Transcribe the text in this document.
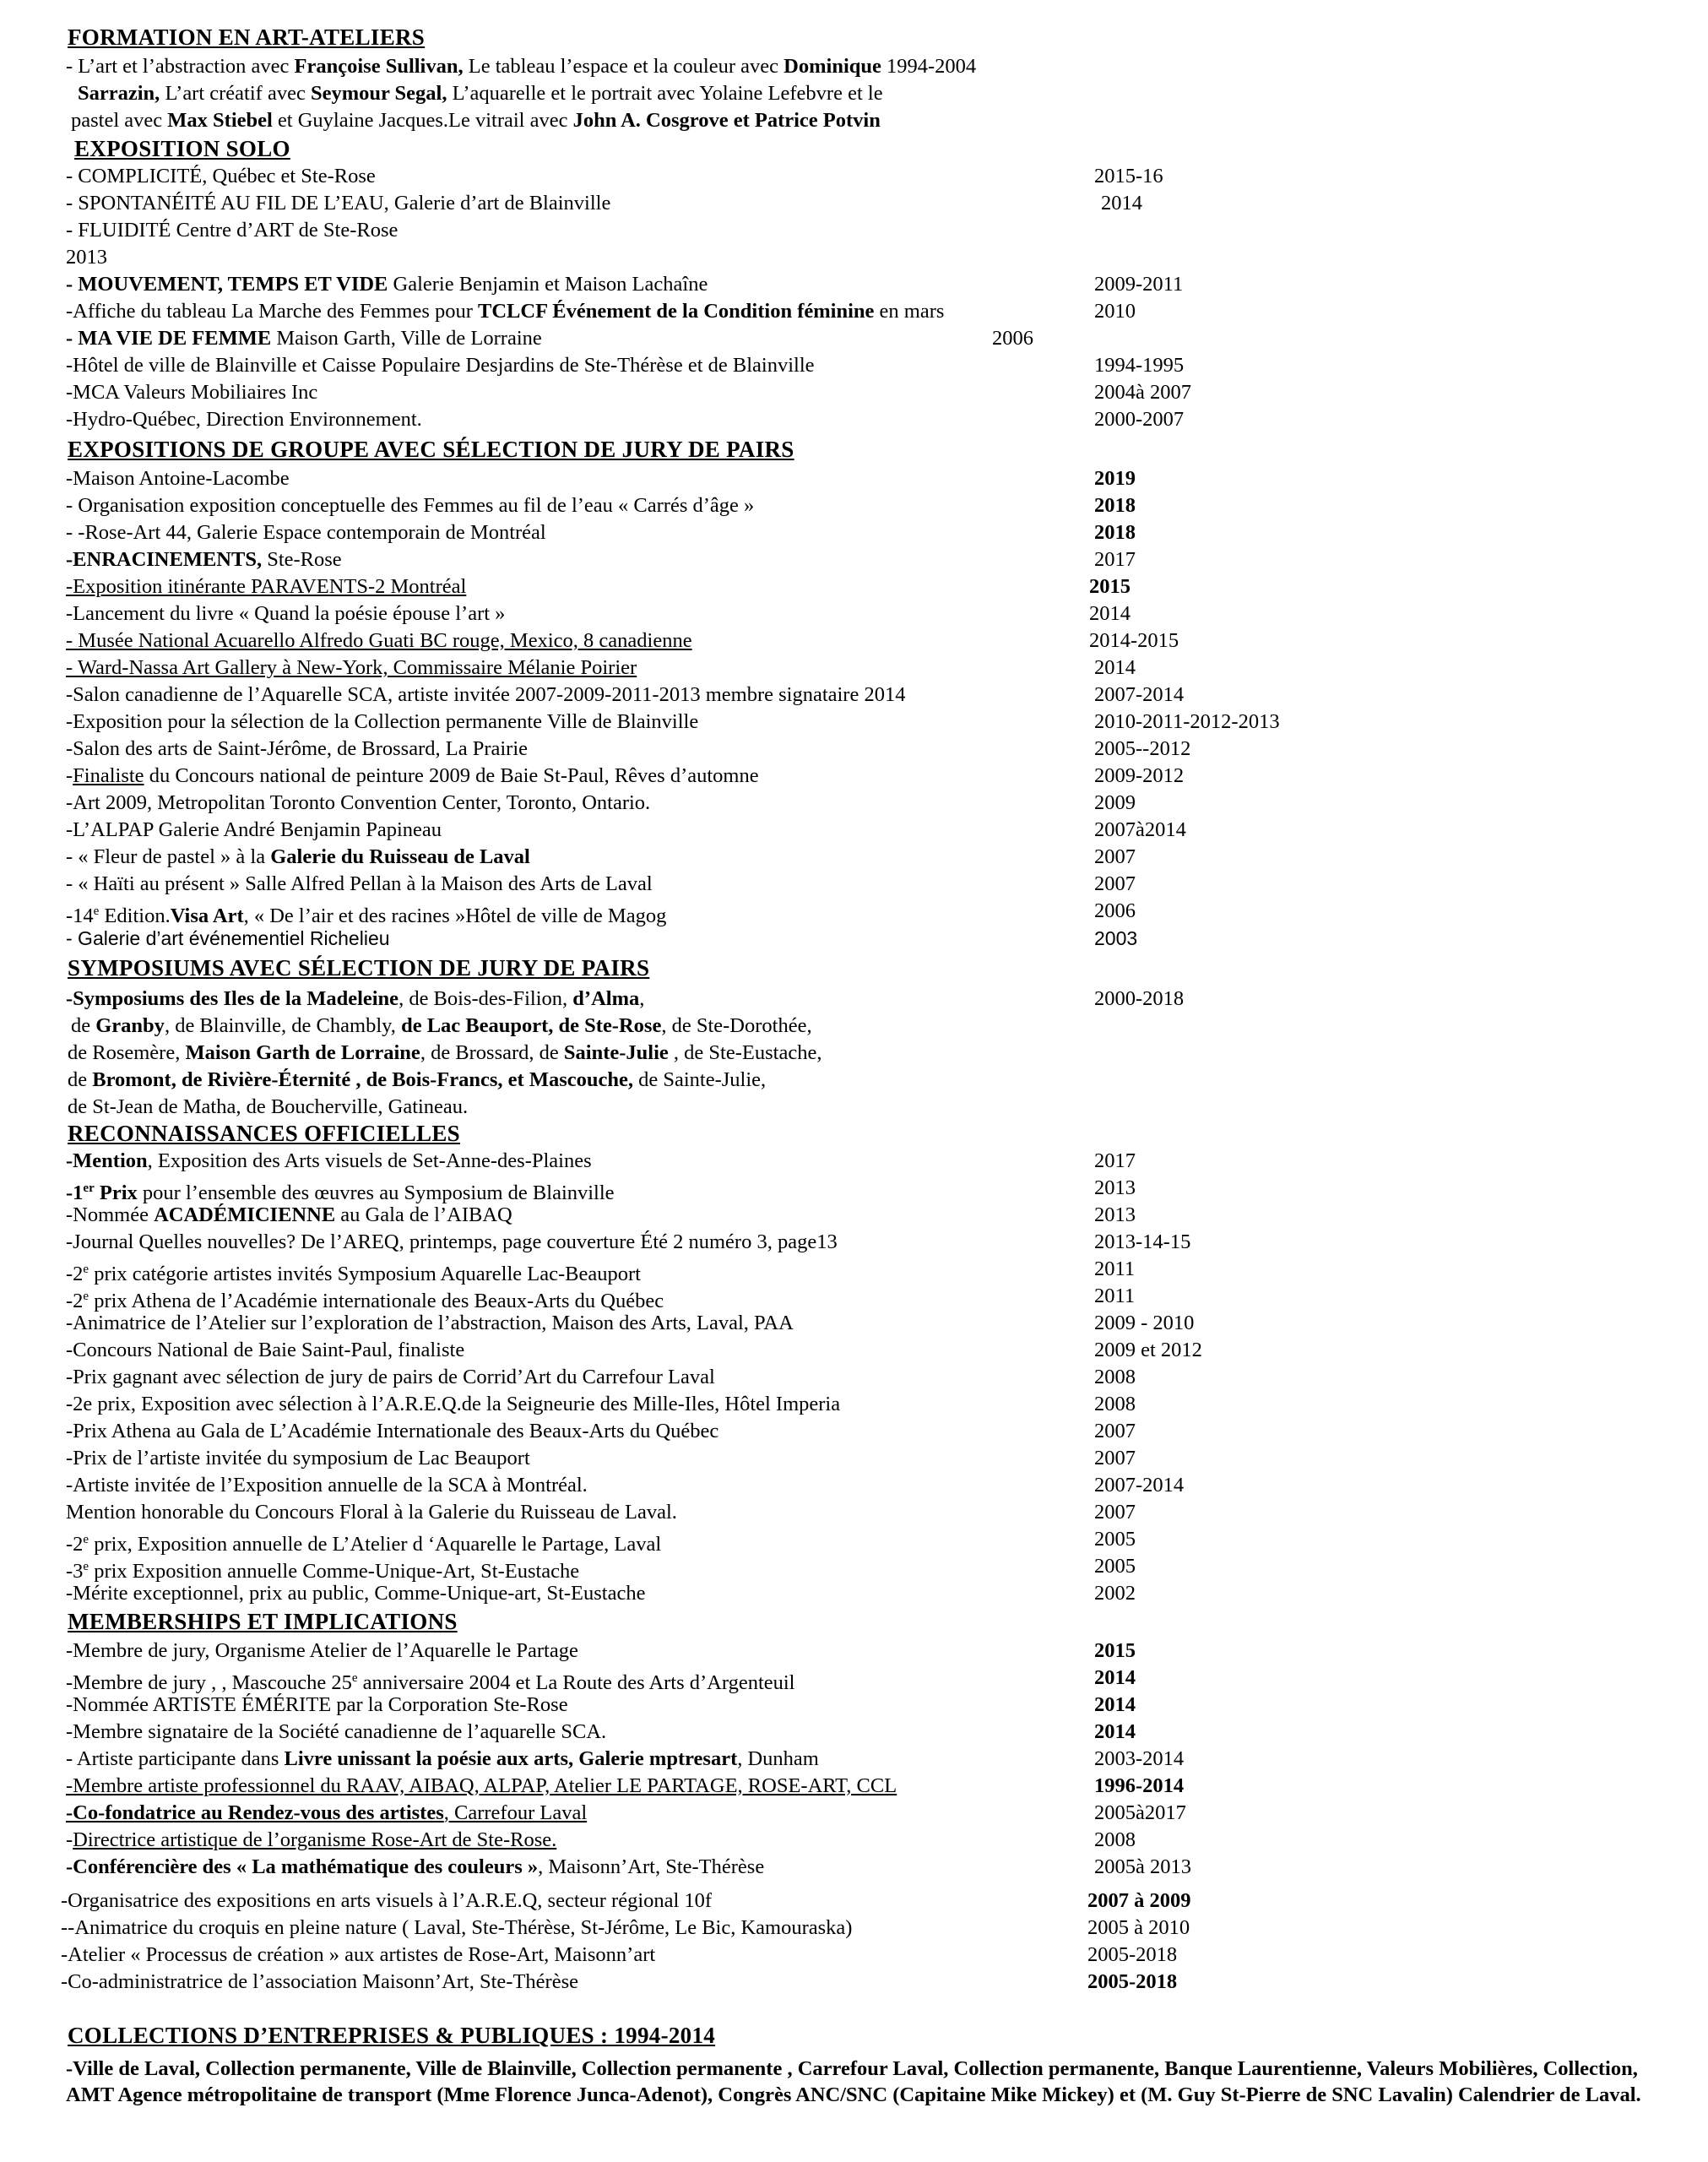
FORMATION EN ART-ATELIERS
- L’art et l’abstraction avec Françoise Sullivan, Le tableau l’espace et la couleur avec Dominique 1994-2004
Sarrazin, L’art créatif avec Seymour Segal, L’aquarelle et le portrait avec Yolaine Lefebvre et le
pastel avec Max Stiebel et Guylaine Jacques.Le vitrail avec John A. Cosgrove et Patrice Potvin
EXPOSITION SOLO
- COMPLICITÉ, Québec et Ste-Rose	2015-16
- SPONTANÉITÉ AU FIL DE L’EAU, Galerie d’art de Blainville	2014
- FLUIDITÉ Centre d’ART de Ste-Rose
2013
- MOUVEMENT, TEMPS ET VIDE Galerie Benjamin et Maison Lachaîne	2009-2011
-Affiche du tableau La Marche des Femmes pour TCLCF Événement de la Condition féminine en mars	2010
- MA VIE DE FEMME Maison Garth, Ville de Lorraine	2006
-Hôtel de ville de Blainville et Caisse Populaire Desjardins de Ste-Thérèse et de Blainville	1994-1995
-MCA Valeurs Mobiliaires Inc	2004à 2007
-Hydro-Québec, Direction Environnement.	2000-2007
EXPOSITIONS DE GROUPE AVEC SÉLECTION DE JURY DE PAIRS
-Maison Antoine-Lacombe	2019
- Organisation exposition conceptuelle des Femmes au fil de l’eau « Carrés d’âge »	2018
- -Rose-Art 44, Galerie Espace contemporain de Montréal	2018
-ENRACINEMENTS, Ste-Rose	2017
-Exposition itinérante PARAVENTS-2 Montréal	2015
-Lancement du livre « Quand la poésie épouse l’art »	2014
- Musée National Acuarello Alfredo Guati BC rouge, Mexico, 8 canadienne	2014-2015
- Ward-Nassa Art Gallery à New-York, Commissaire Mélanie Poirier	2014
-Salon canadienne de l’Aquarelle SCA, artiste invitée 2007-2009-2011-2013 membre signataire 2014	2007-2014
-Exposition pour la sélection de la Collection permanente Ville de Blainville	2010-2011-2012-2013
-Salon des arts de Saint-Jérôme, de Brossard, La Prairie	2005--2012
-Finaliste du Concours national de peinture 2009 de Baie St-Paul, Rêves d’automne	2009-2012
-Art 2009, Metropolitan Toronto Convention Center, Toronto, Ontario.	2009
-L’ALPAP Galerie André Benjamin Papineau	2007à2014
- « Fleur de pastel » à la Galerie du Ruisseau de Laval	2007
- « Haïti au présent » Salle Alfred Pellan à la Maison des Arts de Laval	2007
-14e Edition.Visa Art, « De l’air et des racines »Hôtel de ville de Magog	2006
- Galerie d’art événementiel Richelieu	2003
SYMPOSIUMS AVEC SÉLECTION DE JURY DE PAIRS
-Symposiums des Iles de la Madeleine, de Bois-des-Filion, d’Alma,	2000-2018
de Granby, de Blainville, de Chambly, de Lac Beauport, de Ste-Rose, de Ste-Dorothée,
de Rosemère, Maison Garth de Lorraine, de Brossard, de Sainte-Julie , de Ste-Eustache,
de Bromont, de Rivière-Éternité , de Bois-Francs, et Mascouche, de Sainte-Julie,
de St-Jean de Matha, de Boucherville, Gatineau.
RECONNAISSANCES OFFICIELLES
-Mention, Exposition des Arts visuels de Set-Anne-des-Plaines	2017
-1er Prix pour l’ensemble des œuvres au Symposium de Blainville	2013
-Nommée ACADÉMICIENNE au Gala de l’AIBAQ	2013
-Journal Quelles nouvelles? De l’AREQ, printemps, page couverture Été 2 numéro 3, page13	2013-14-15
-2e prix catégorie artistes invités Symposium Aquarelle Lac-Beauport	2011
-2e prix Athena de l’Académie internationale des Beaux-Arts du Québec	2011
-Animatrice de l’Atelier sur l’exploration de l’abstraction, Maison des Arts, Laval, PAA	2009 - 2010
-Concours National de Baie Saint-Paul, finaliste	2009 et 2012
-Prix gagnant avec sélection de jury de pairs de Corrid’Art du Carrefour Laval	2008
-2e prix, Exposition avec sélection à l’A.R.E.Q.de la Seigneurie des Mille-Iles, Hôtel Imperia	2008
-Prix Athena au Gala de L’Académie Internationale des Beaux-Arts du Québec	2007
-Prix de l’artiste invitée du symposium de Lac Beauport	2007
-Artiste invitée de l’Exposition annuelle de la SCA à Montréal.	2007-2014
Mention honorable du Concours Floral à la Galerie du Ruisseau de Laval.	2007
-2e prix, Exposition annuelle de L’Atelier d ‘Aquarelle le Partage, Laval	2005
-3e prix Exposition annuelle Comme-Unique-Art, St-Eustache	2005
-Mérite exceptionnel, prix au public, Comme-Unique-art, St-Eustache	2002
MEMBERSHIPS ET IMPLICATIONS
-Membre de jury, Organisme Atelier de l’Aquarelle le Partage	2015
-Membre de jury , , Mascouche 25e anniversaire 2004 et La Route des Arts d’Argenteuil	2014
-Nommée ARTISTE ÉMÉRITE par la Corporation Ste-Rose	2014
-Membre signataire de la Société canadienne de l’aquarelle SCA.	2014
- Artiste participante dans Livre unissant la poésie aux arts, Galerie mptresart, Dunham	2003-2014
-Membre artiste professionnel du RAAV, AIBAQ, ALPAP, Atelier LE PARTAGE, ROSE-ART, CCL	1996-2014
-Co-fondatrice au Rendez-vous des artistes, Carrefour Laval	2005à2017
-Directrice artistique de l’organisme Rose-Art de Ste-Rose.	2008
-Conférencière des « La mathématique des couleurs », Maisonn’Art, Ste-Thérèse	2005à 2013
-Organisatrice des expositions en arts visuels à l’A.R.E.Q, secteur régional 10f	2007 à 2009
--Animatrice du croquis en pleine nature ( Laval, Ste-Thérèse, St-Jérôme, Le Bic, Kamouraska)	2005 à 2010
-Atelier « Processus de création » aux artistes de Rose-Art, Maisonn’art	2005-2018
-Co-administratrice de l’association Maisonn’Art, Ste-Thérèse	2005-2018
COLLECTIONS D’ENTREPRISES & PUBLIQUES : 1994-2014
-Ville de Laval, Collection permanente, Ville de Blainville, Collection permanente , Carrefour Laval, Collection permanente, Banque Laurentienne, Valeurs Mobilières, Collection, AMT Agence métropolitaine de transport (Mme Florence Junca-Adenot), Congrès ANC/SNC (Capitaine Mike Mickey) et (M. Guy St-Pierre de SNC Lavalin) Calendrier de Laval.
